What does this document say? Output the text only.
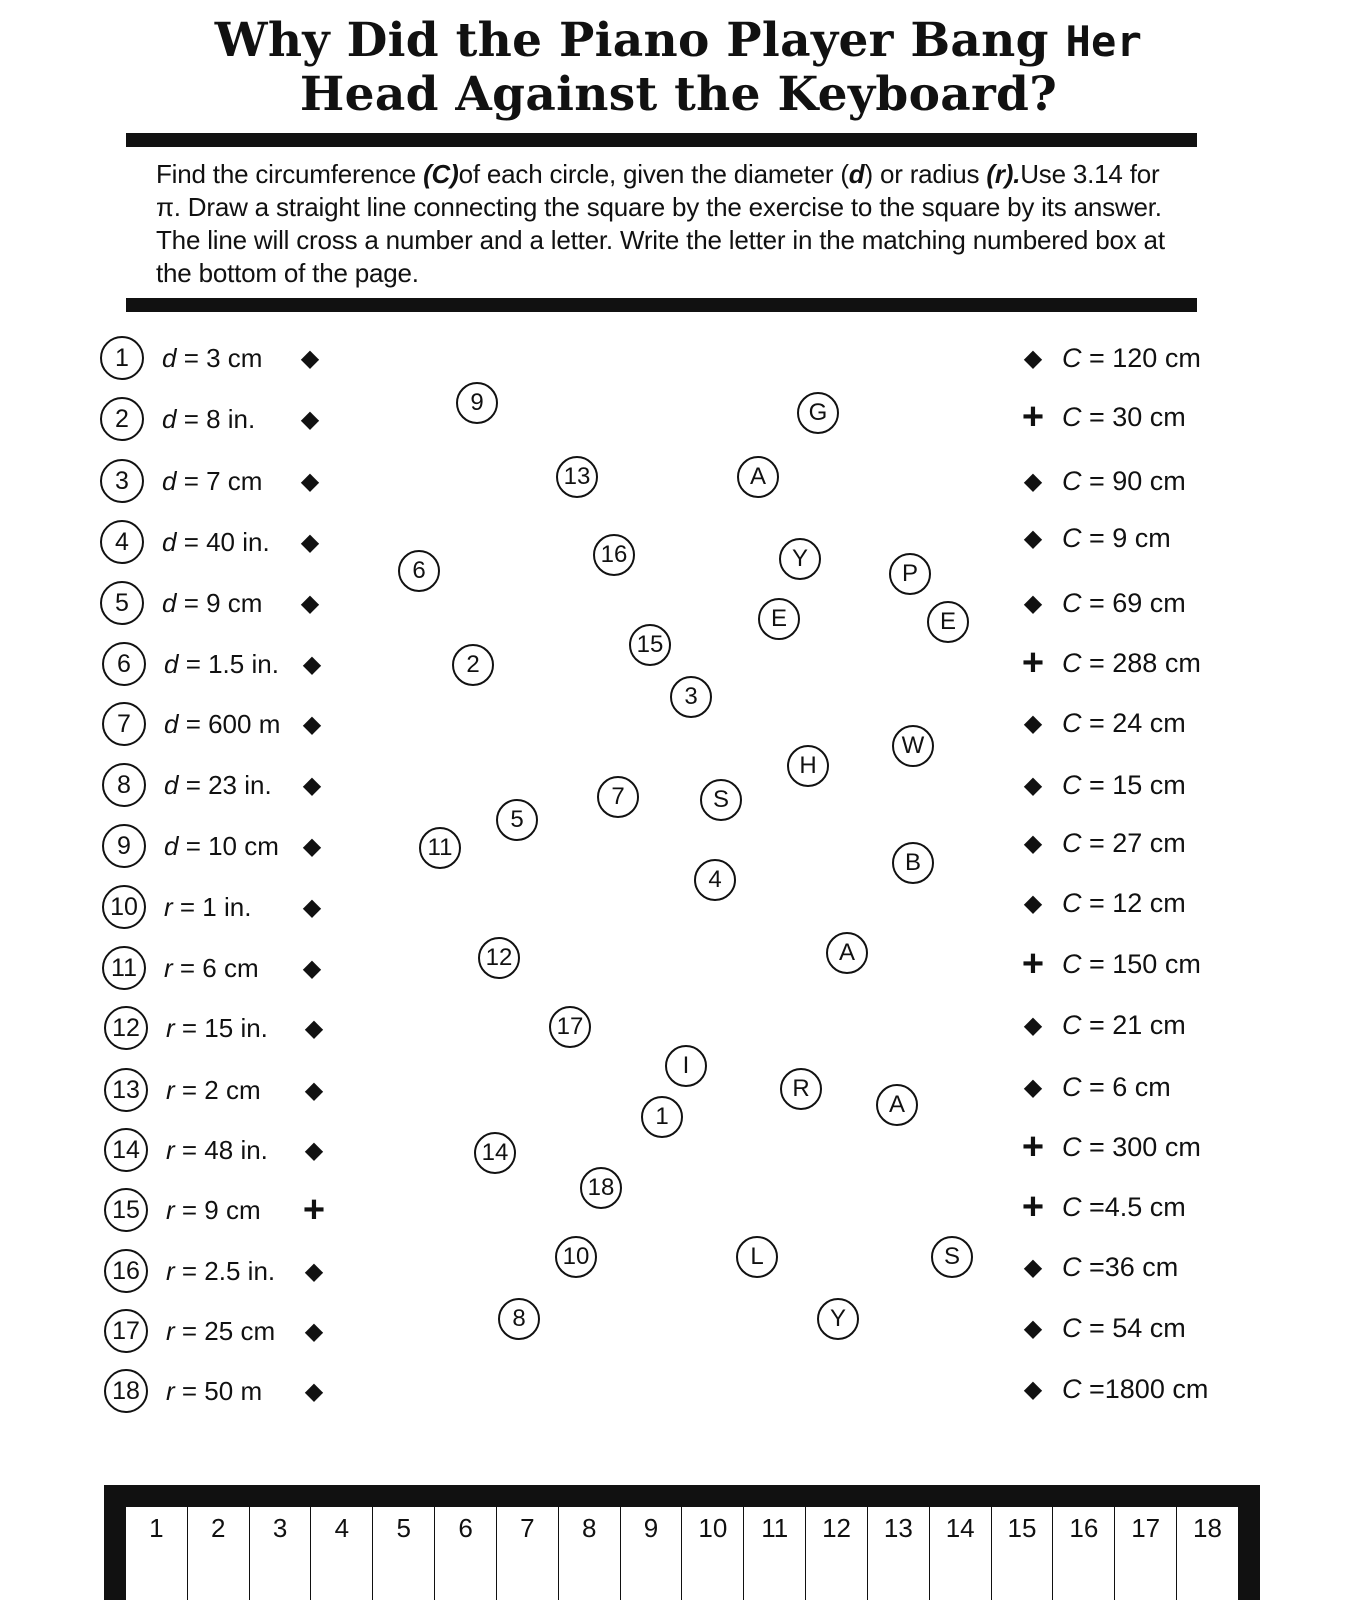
Why Did the Piano Player Bang Her
Head Against the Keyboard?
Find the circumference (C)of each circle, given the diameter (d) or radius (r).Use 3.14 for π. Draw a straight line connecting the square by the exercise to the square by its answer. The line will cross a number and a letter. Write the letter in the matching numbered box at the bottom of the page.
1	d = 3 cm	◆
2	d = 8 in.	◆
3	d = 7 cm	◆
4	d = 40 in.	◆
5	d = 9 cm	◆
6	d = 1.5 in. ◆
7	d = 600 m ◆
8	d = 23 in.	◆
9	d = 10 cm ◆
10	r = 1 in.	◆
11	r = 6 cm	◆
12	r = 15 in.	◆
13	r = 2 cm	◆
14	r = 48 in.	◆
15	r = 9 cm	+
16	r = 2.5 in.	◆
17	r = 25 cm	◆
18	r = 50 m	◆
◆ C = 120 cm
+ C = 30 cm
◆ C = 90 cm
◆ C = 9 cm
◆ C = 69 cm
+ C = 288 cm
◆ C = 24 cm
◆ C = 15 cm
◆ C = 27 cm
◆ C = 12 cm
+ C = 150 cm
◆ C = 21 cm
◆ C = 6 cm
+ C = 300 cm
+ C =4.5 cm
◆ C =36 cm
◆ C = 54 cm
◆ C =1800 cm
9	G
13	A
16	Y
6	P
E	E
15
2
3
W
H
7	S
5
11
B
4
A
12
17
I
R
A
1
14
18
10	L	S
8	Y
1	2	3	4	5	6	7	8	9	10	11	12	13	14	15	16	17	18
